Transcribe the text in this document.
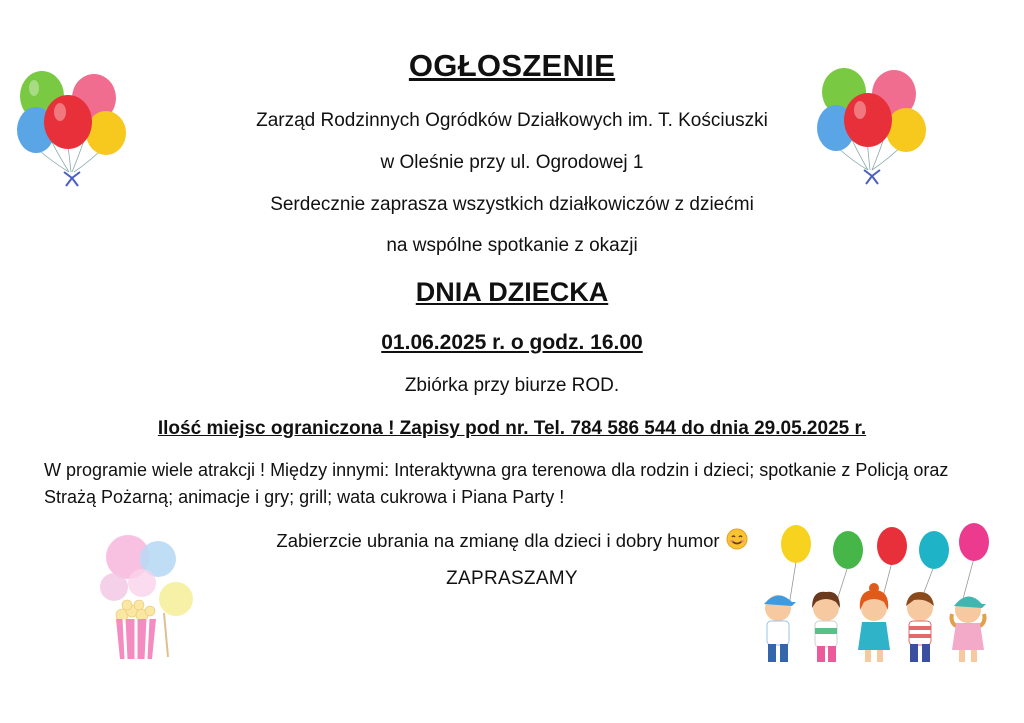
OGŁOSZENIE
Zarząd Rodzinnych Ogródków Działkowych im. T. Kościuszki
w Oleśnie przy ul. Ogrodowej 1
Serdecznie zaprasza wszystkich działkowiczów z dziećmi
na wspólne spotkanie z okazji
DNIA DZIECKA
01.06.2025 r. o godz. 16.00
Zbiórka przy biurze ROD.
Ilość miejsc ograniczona ! Zapisy pod nr. Tel. 784 586 544 do dnia 29.05.2025 r.
W programie wiele atrakcji ! Między innymi: Interaktywna gra terenowa dla rodzin i dzieci; spotkanie z Policją oraz Strażą Pożarną; animacje i gry; grill; wata cukrowa i Piana Party !
Zabierzcie ubrania na zmianę dla dzieci i dobry humor
ZAPRASZAMY
